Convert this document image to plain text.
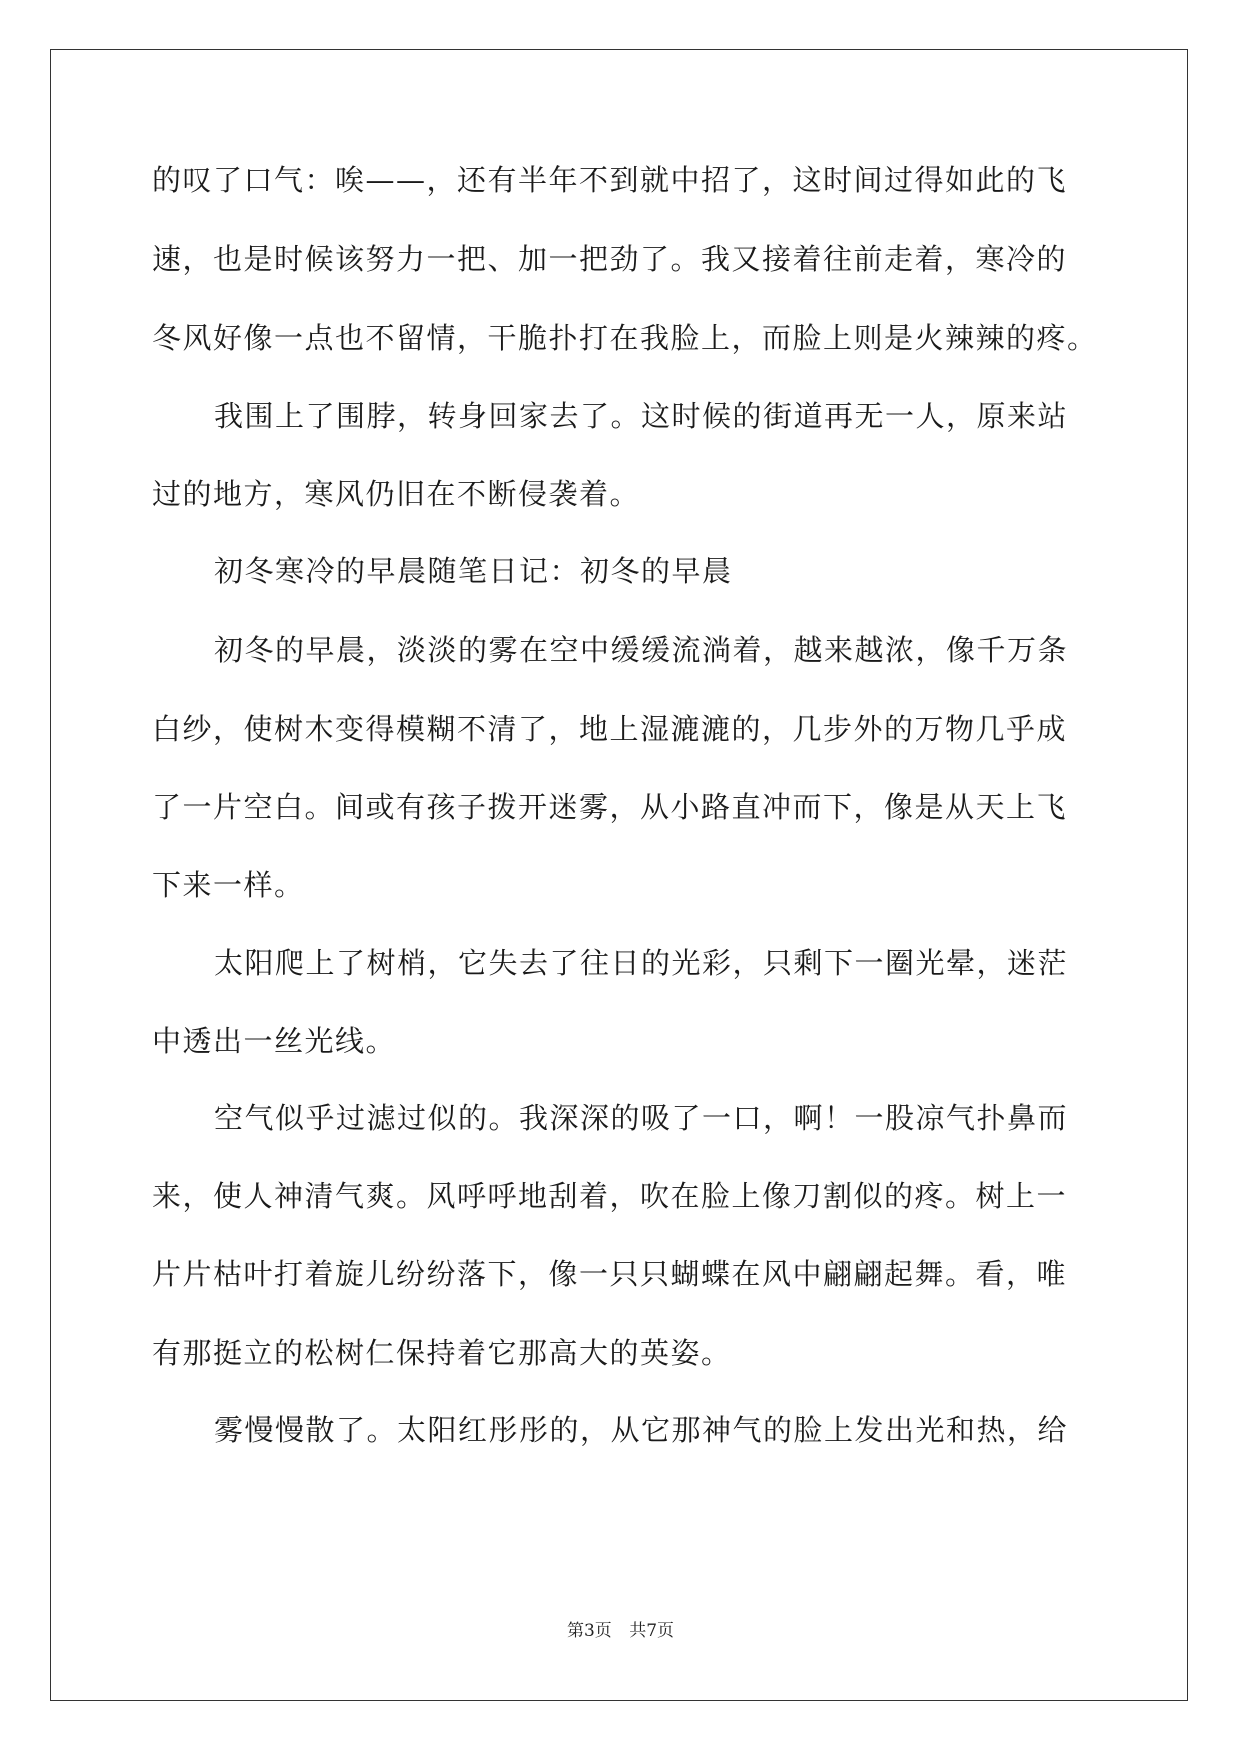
的叹了口气：唉——，还有半年不到就中招了，这时间过得如此的飞
速，也是时候该努力一把、加一把劲了。我又接着往前走着，寒冷的
冬风好像一点也不留情，干脆扑打在我脸上，而脸上则是火辣辣的疼。
我围上了围脖，转身回家去了。这时候的街道再无一人，原来站
过的地方，寒风仍旧在不断侵袭着。
初冬寒冷的早晨随笔日记：初冬的早晨
初冬的早晨，淡淡的雾在空中缓缓流淌着，越来越浓，像千万条
白纱，使树木变得模糊不清了，地上湿漉漉的，几步外的万物几乎成
了一片空白。间或有孩子拨开迷雾，从小路直冲而下，像是从天上飞
下来一样。
太阳爬上了树梢，它失去了往日的光彩，只剩下一圈光晕，迷茫
中透出一丝光线。
空气似乎过滤过似的。我深深的吸了一口，啊！一股凉气扑鼻而
来，使人神清气爽。风呼呼地刮着，吹在脸上像刀割似的疼。树上一
片片枯叶打着旋儿纷纷落下，像一只只蝴蝶在风中翩翩起舞。看，唯
有那挺立的松树仁保持着它那高大的英姿。
雾慢慢散了。太阳红彤彤的，从它那神气的脸上发出光和热，给
第3页 共7页
